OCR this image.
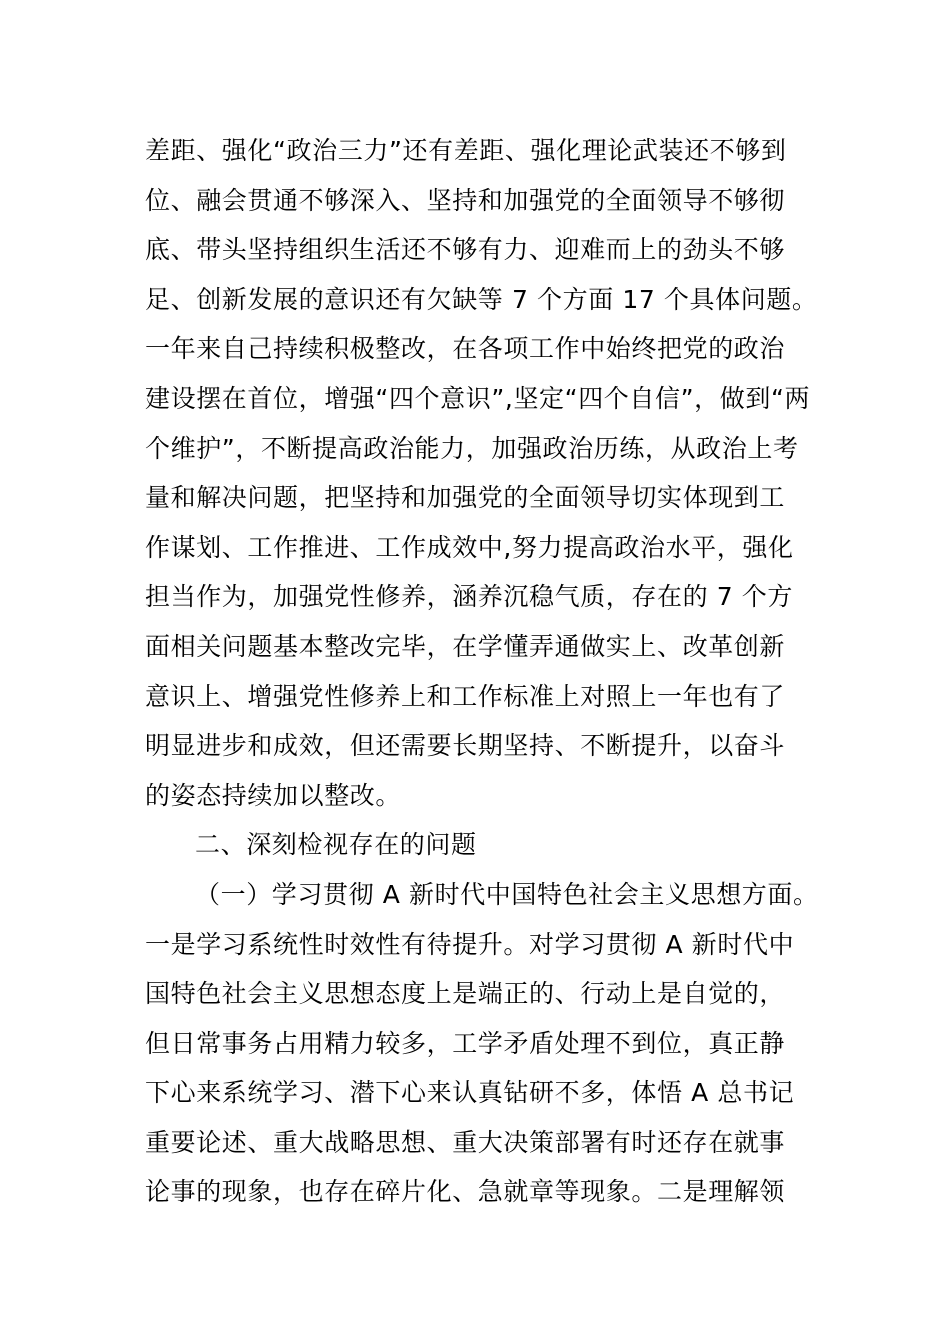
差距、强化“政治三力”还有差距、强化理论武装还不够到
位、融会贯通不够深入、坚持和加强党的全面领导不够彻
底、带头坚持组织生活还不够有力、迎难而上的劲头不够
足、创新发展的意识还有欠缺等 7 个方面 17 个具体问题。
一年来自己持续积极整改，在各项工作中始终把党的政治
建设摆在首位，增强“四个意识”,坚定“四个自信”，做到“两
个维护”，不断提高政治能力，加强政治历练，从政治上考
量和解决问题，把坚持和加强党的全面领导切实体现到工
作谋划、工作推进、工作成效中,努力提高政治水平，强化
担当作为，加强党性修养，涵养沉稳气质，存在的 7 个方
面相关问题基本整改完毕，在学懂弄通做实上、改革创新
意识上、增强党性修养上和工作标准上对照上一年也有了
明显进步和成效，但还需要长期坚持、不断提升，以奋斗
的姿态持续加以整改。
二、深刻检视存在的问题
（一）学习贯彻 A 新时代中国特色社会主义思想方面。
一是学习系统性时效性有待提升。对学习贯彻 A 新时代中
国特色社会主义思想态度上是端正的、行动上是自觉的，
但日常事务占用精力较多，工学矛盾处理不到位，真正静
下心来系统学习、潜下心来认真钻研不多，体悟 A 总书记
重要论述、重大战略思想、重大决策部署有时还存在就事
论事的现象，也存在碎片化、急就章等现象。二是理解领
